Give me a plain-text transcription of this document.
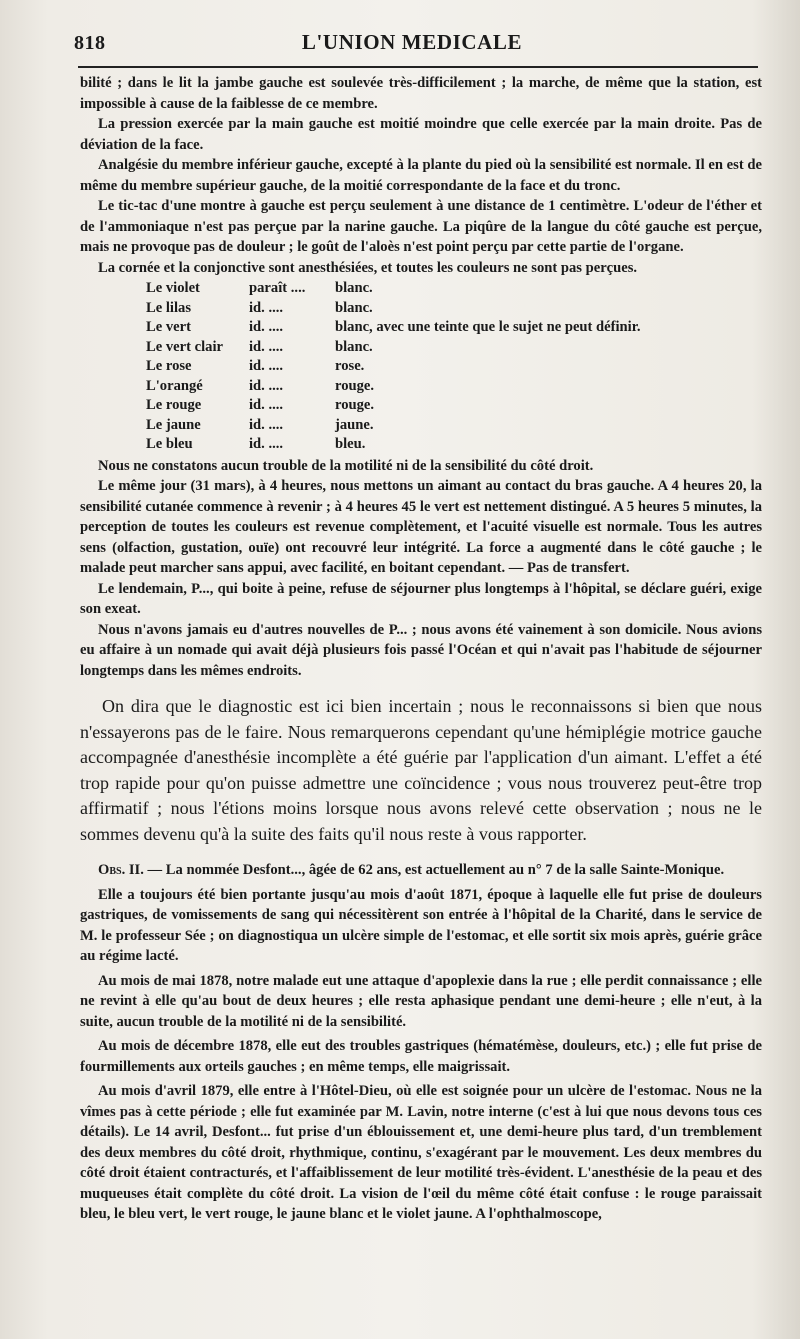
818	L'UNION MEDICALE

bilité ; dans le lit la jambe gauche est soulevée très-difficilement ; la marche, de même que la station, est impossible à cause de la faiblesse de ce membre.

La pression exercée par la main gauche est moitié moindre que celle exercée par la main droite. Pas de déviation de la face.

Analgésie du membre inférieur gauche, excepté à la plante du pied où la sensibilité est normale. Il en est de même du membre supérieur gauche, de la moitié correspondante de la face et du tronc.

Le tic-tac d'une montre à gauche est perçu seulement à une distance de 1 centimètre. L'odeur de l'éther et de l'ammoniaque n'est pas perçue par la narine gauche. La piqûre de la langue du côté gauche est perçue, mais ne provoque pas de douleur ; le goût de l'aloès n'est point perçu par cette partie de l'organe.

La cornée et la conjonctive sont anesthésiées, et toutes les couleurs ne sont pas perçues.

Le violet	paraît ....	blanc.
Le lilas	id. ....	blanc.
Le vert	id. ....	blanc, avec une teinte que le sujet ne peut définir.
Le vert clair	id. ....	blanc.
Le rose	id. ....	rose.
L'orangé	id. ....	rouge.
Le rouge	id. ....	rouge.
Le jaune	id. ....	jaune.
Le bleu	id. ....	bleu.

Nous ne constatons aucun trouble de la motilité ni de la sensibilité du côté droit.

Le même jour (31 mars), à 4 heures, nous mettons un aimant au contact du bras gauche. A 4 heures 20, la sensibilité cutanée commence à revenir ; à 4 heures 45 le vert est nettement distingué. A 5 heures 5 minutes, la perception de toutes les couleurs est revenue complètement, et l'acuité visuelle est normale. Tous les autres sens (olfaction, gustation, ouïe) ont recouvré leur intégrité. La force a augmenté dans le côté gauche ; le malade peut marcher sans appui, avec facilité, en boitant cependant. — Pas de transfert.

Le lendemain, P..., qui boite à peine, refuse de séjourner plus longtemps à l'hôpital, se déclare guéri, exige son exeat.

Nous n'avons jamais eu d'autres nouvelles de P... ; nous avons été vainement à son domicile. Nous avions eu affaire à un nomade qui avait déjà plusieurs fois passé l'Océan et qui n'avait pas l'habitude de séjourner longtemps dans les mêmes endroits.

On dira que le diagnostic est ici bien incertain ; nous le reconnaissons si bien que nous n'essayerons pas de le faire. Nous remarquerons cependant qu'une hémiplégie motrice gauche accompagnée d'anesthésie incomplète a été guérie par l'application d'un aimant. L'effet a été trop rapide pour qu'on puisse admettre une coïncidence ; vous nous trouverez peut-être trop affirmatif ; nous l'étions moins lorsque nous avons relevé cette observation ; nous ne le sommes devenu qu'à la suite des faits qu'il nous reste à vous rapporter.

Obs. II. — La nommée Desfont..., âgée de 62 ans, est actuellement au n° 7 de la salle Sainte-Monique.

Elle a toujours été bien portante jusqu'au mois d'août 1871, époque à laquelle elle fut prise de douleurs gastriques, de vomissements de sang qui nécessitèrent son entrée à l'hôpital de la Charité, dans le service de M. le professeur Sée ; on diagnostiqua un ulcère simple de l'estomac, et elle sortit six mois après, guérie grâce au régime lacté.

Au mois de mai 1878, notre malade eut une attaque d'apoplexie dans la rue ; elle perdit connaissance ; elle ne revint à elle qu'au bout de deux heures ; elle resta aphasique pendant une demi-heure ; elle n'eut, à la suite, aucun trouble de la motilité ni de la sensibilité.

Au mois de décembre 1878, elle eut des troubles gastriques (hématémèse, douleurs, etc.) ; elle fut prise de fourmillements aux orteils gauches ; en même temps, elle maigrissait.

Au mois d'avril 1879, elle entre à l'Hôtel-Dieu, où elle est soignée pour un ulcère de l'estomac. Nous ne la vîmes pas à cette période ; elle fut examinée par M. Lavin, notre interne (c'est à lui que nous devons tous ces détails). Le 14 avril, Desfont... fut prise d'un éblouissement et, une demi-heure plus tard, d'un tremblement des deux membres du côté droit, rhythmique, continu, s'exagérant par le mouvement. Les deux membres du côté droit étaient contracturés, et l'affaiblissement de leur motilité très-évident. L'anesthésie de la peau et des muqueuses était complète du côté droit. La vision de l'œil du même côté était confuse : le rouge paraissait bleu, le bleu vert, le vert rouge, le jaune blanc et le violet jaune. A l'ophthalmoscope,
